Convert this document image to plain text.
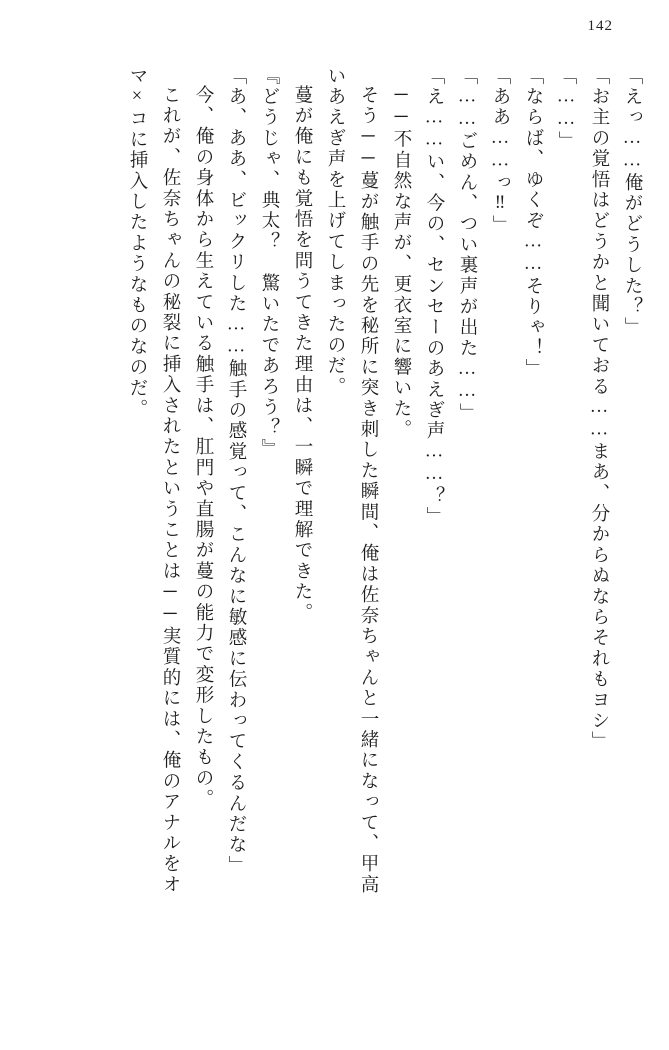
142
「えっ……俺がどうした？」
「お主の覚悟はどうかと聞いておる……まあ、分からぬならそれもヨシ」
「……」
「ならば、ゆくぞ……そりゃ！」
「ああ……っ‼」
「……ごめん、つい裏声が出た……」
「え……い、今の、センセーのあえぎ声……？」
──不自然な声が、更衣室に響いた。
そう──蔓が触手の先を秘所に突き刺した瞬間、俺は佐奈ちゃんと一緒になって、甲高
いあえぎ声を上げてしまったのだ。
蔓が俺にも覚悟を問うてきた理由は、一瞬で理解できた。
『どうじゃ、典太？　驚いたであろう？』
「あ、ああ、ビックリした……触手の感覚って、こんなに敏感に伝わってくるんだな」
今、俺の身体から生えている触手は、肛門や直腸が蔓の能力で変形したもの。
これが、佐奈ちゃんの秘裂に挿入されたということは──実質的には、俺のアナルをオ
マ×コに挿入したようなものなのだ。
